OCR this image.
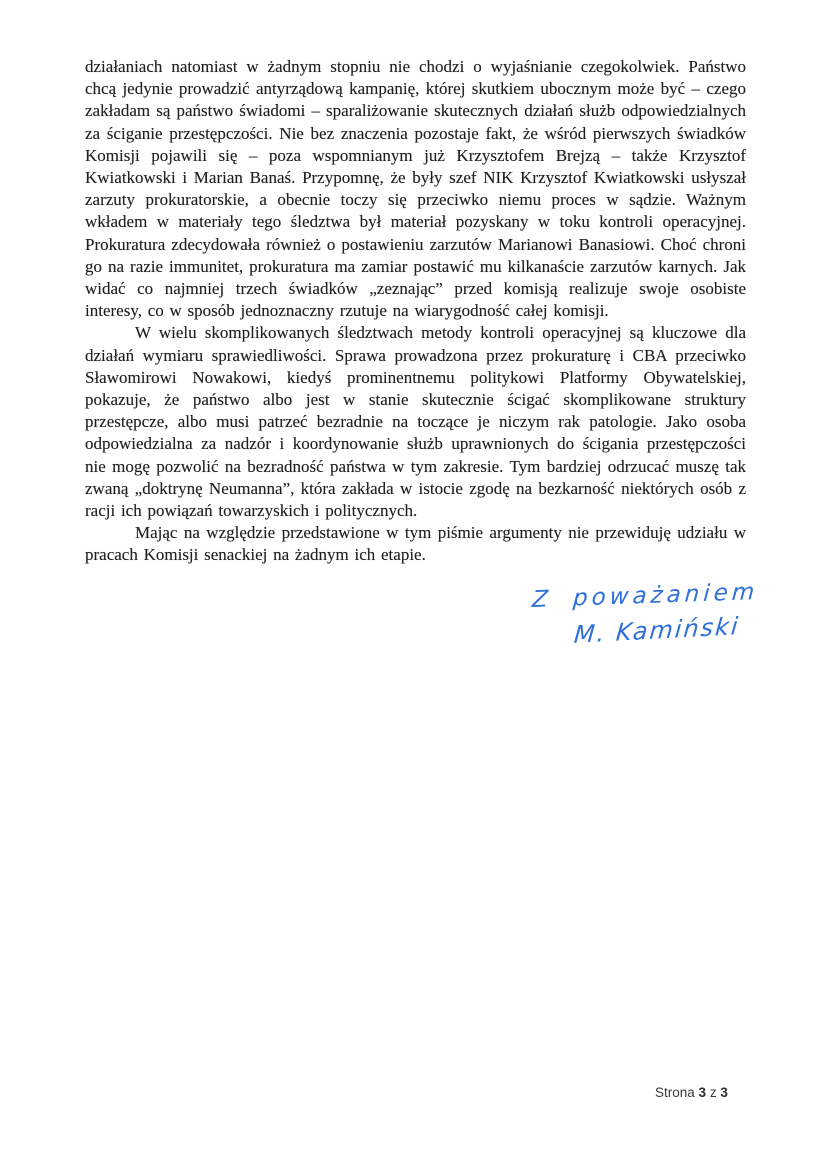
działaniach natomiast w żadnym stopniu nie chodzi o wyjaśnianie czegokolwiek. Państwo chcą jedynie prowadzić antyrządową kampanię, której skutkiem ubocznym może być – czego zakładam są państwo świadomi – sparaliżowanie skutecznych działań służb odpowiedzialnych za ściganie przestępczości. Nie bez znaczenia pozostaje fakt, że wśród pierwszych świadków Komisji pojawili się – poza wspomnianym już Krzysztofem Brejzą – także Krzysztof Kwiatkowski i Marian Banaś. Przypomnę, że były szef NIK Krzysztof Kwiatkowski usłyszał zarzuty prokuratorskie, a obecnie toczy się przeciwko niemu proces w sądzie. Ważnym wkładem w materiały tego śledztwa był materiał pozyskany w toku kontroli operacyjnej. Prokuratura zdecydowała również o postawieniu zarzutów Marianowi Banasiowi. Choć chroni go na razie immunitet, prokuratura ma zamiar postawić mu kilkanaście zarzutów karnych. Jak widać co najmniej trzech świadków „zeznając” przed komisją realizuje swoje osobiste interesy, co w sposób jednoznaczny rzutuje na wiarygodność całej komisji.

W wielu skomplikowanych śledztwach metody kontroli operacyjnej są kluczowe dla działań wymiaru sprawiedliwości. Sprawa prowadzona przez prokuraturę i CBA przeciwko Sławomirowi Nowakowi, kiedyś prominentnemu politykowi Platformy Obywatelskiej, pokazuje, że państwo albo jest w stanie skutecznie ścigać skomplikowane struktury przestępcze, albo musi patrzeć bezradnie na toczące je niczym rak patologie. Jako osoba odpowiedzialna za nadzór i koordynowanie służb uprawnionych do ścigania przestępczości nie mogę pozwolić na bezradność państwa w tym zakresie. Tym bardziej odrzucać muszę tak zwaną „doktrynę Neumanna”, która zakłada w istocie zgodę na bezkarność niektórych osób z racji ich powiązań towarzyskich i politycznych.

Mając na względzie przedstawione w tym piśmie argumenty nie przewiduję udziału w pracach Komisji senackiej na żadnym ich etapie.

Z poważaniem
M. Kamiński
Strona 3 z 3
